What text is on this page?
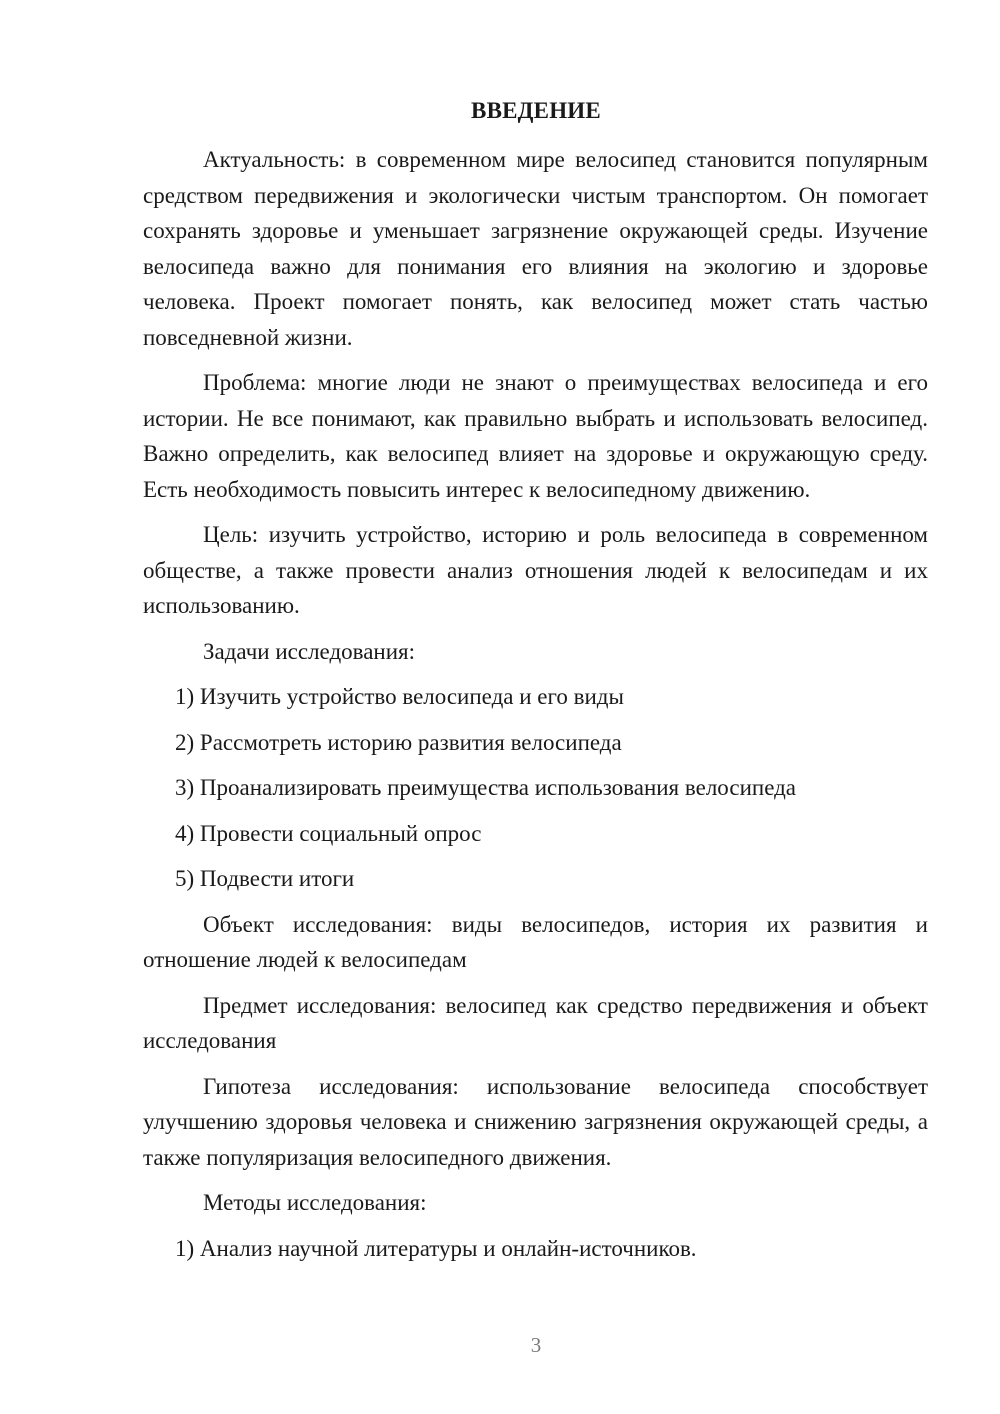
ВВЕДЕНИЕ

Актуальность: в современном мире велосипед становится популярным средством передвижения и экологически чистым транспортом. Он помогает сохранять здоровье и уменьшает загрязнение окружающей среды. Изучение велосипеда важно для понимания его влияния на экологию и здоровье человека. Проект помогает понять, как велосипед может стать частью повседневной жизни.

Проблема: многие люди не знают о преимуществах велосипеда и его истории. Не все понимают, как правильно выбрать и использовать велосипед. Важно определить, как велосипед влияет на здоровье и окружающую среду. Есть необходимость повысить интерес к велосипедному движению.

Цель: изучить устройство, историю и роль велосипеда в современном обществе, а также провести анализ отношения людей к велосипедам и их использованию.

Задачи исследования:

1) Изучить устройство велосипеда и его виды

2) Рассмотреть историю развития велосипеда

3) Проанализировать преимущества использования велосипеда

4) Провести социальный опрос

5) Подвести итоги

Объект исследования: виды велосипедов, история их развития и отношение людей к велосипедам

Предмет исследования: велосипед как средство передвижения и объект исследования

Гипотеза исследования: использование велосипеда способствует улучшению здоровья человека и снижению загрязнения окружающей среды, а также популяризация велосипедного движения.

Методы исследования:

1) Анализ научной литературы и онлайн-источников.

3
